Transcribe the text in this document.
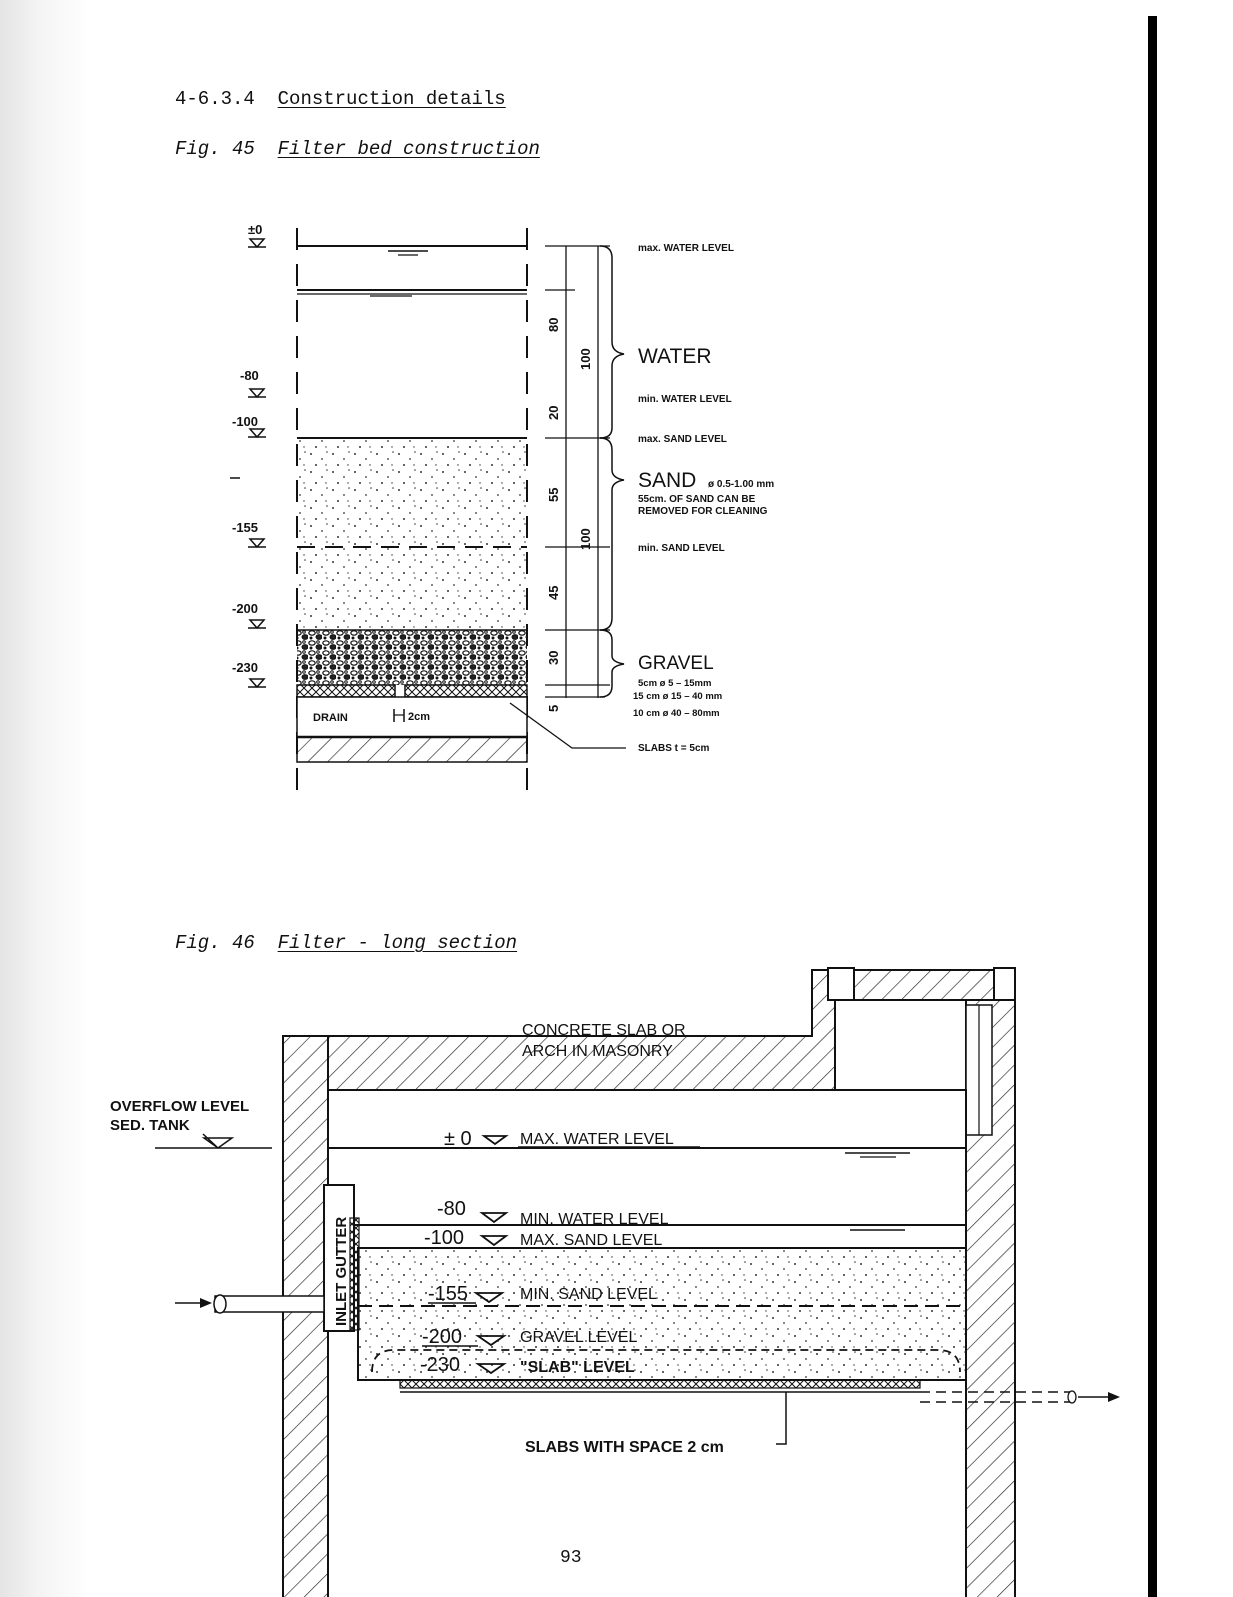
4-6.3.4 Construction details
Fig. 45 Filter bed construction
Fig. 46 Filter - long section
±0
-80
-100
-155
-200
-230
DRAIN	2cm
80
20
55
45
30
5
100
100
max. WATER LEVEL
WATER
min. WATER LEVEL
max. SAND LEVEL
SAND ø 0.5-1.00 mm
55cm. OF SAND CAN BE
REMOVED FOR CLEANING
min. SAND LEVEL
GRAVEL
5cm ø 5 – 15mm
15 cm ø 15 – 40 mm
10 cm ø 40 – 80mm
SLABS t = 5cm
OVERFLOW LEVEL
SED. TANK
CONCRETE SLAB OR
ARCH IN MASONRY
INLET GUTTER
± 0	MAX. WATER LEVEL
-80	MIN. WATER LEVEL
-100	MAX. SAND LEVEL
-155	MIN. SAND LEVEL
-200	GRAVEL LEVEL
-230	"SLAB" LEVEL
SLABS WITH SPACE 2 cm
93
